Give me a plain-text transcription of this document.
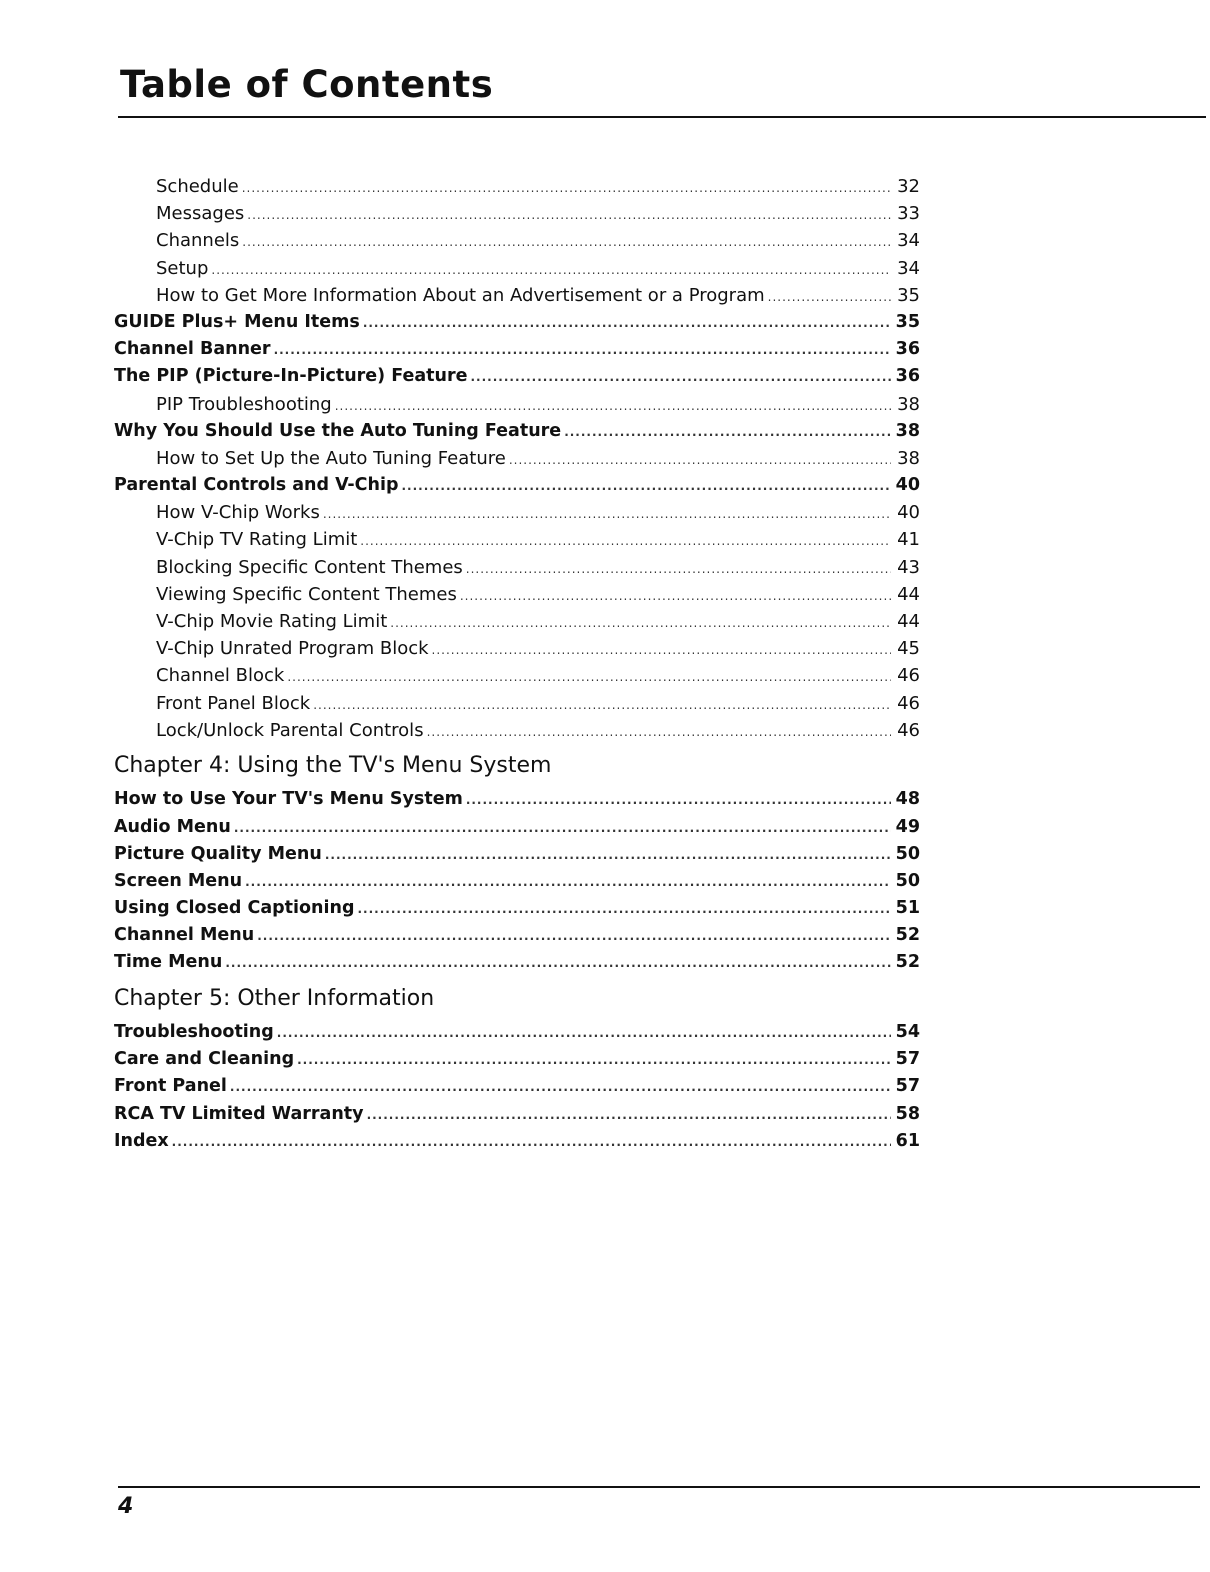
Table of Contents
Schedule .....	32
Messages .....	33
Channels .....	34
Setup .....	34
How to Get More Information About an Advertisement or a Program .....	35
GUIDE Plus+ Menu Items .....	35
Channel Banner .....	36
The PIP (Picture-In-Picture) Feature .....	36
PIP Troubleshooting .....	38
Why You Should Use the Auto Tuning Feature .....	38
How to Set Up the Auto Tuning Feature .....	38
Parental Controls and V-Chip .....	40
How V-Chip Works .....	40
V-Chip TV Rating Limit .....	41
Blocking Specific Content Themes .....	43
Viewing Specific Content Themes .....	44
V-Chip Movie Rating Limit .....	44
V-Chip Unrated Program Block .....	45
Channel Block .....	46
Front Panel Block .....	46
Lock/Unlock Parental Controls .....	46
Chapter 4: Using the TV's Menu System
How to Use Your TV's Menu System .....	48
Audio Menu .....	49
Picture Quality Menu .....	50
Screen Menu .....	50
Using Closed Captioning .....	51
Channel Menu .....	52
Time Menu .....	52
Chapter 5: Other Information
Troubleshooting .....	54
Care and Cleaning .....	57
Front Panel .....	57
RCA TV Limited Warranty .....	58
Index .....	61
4
